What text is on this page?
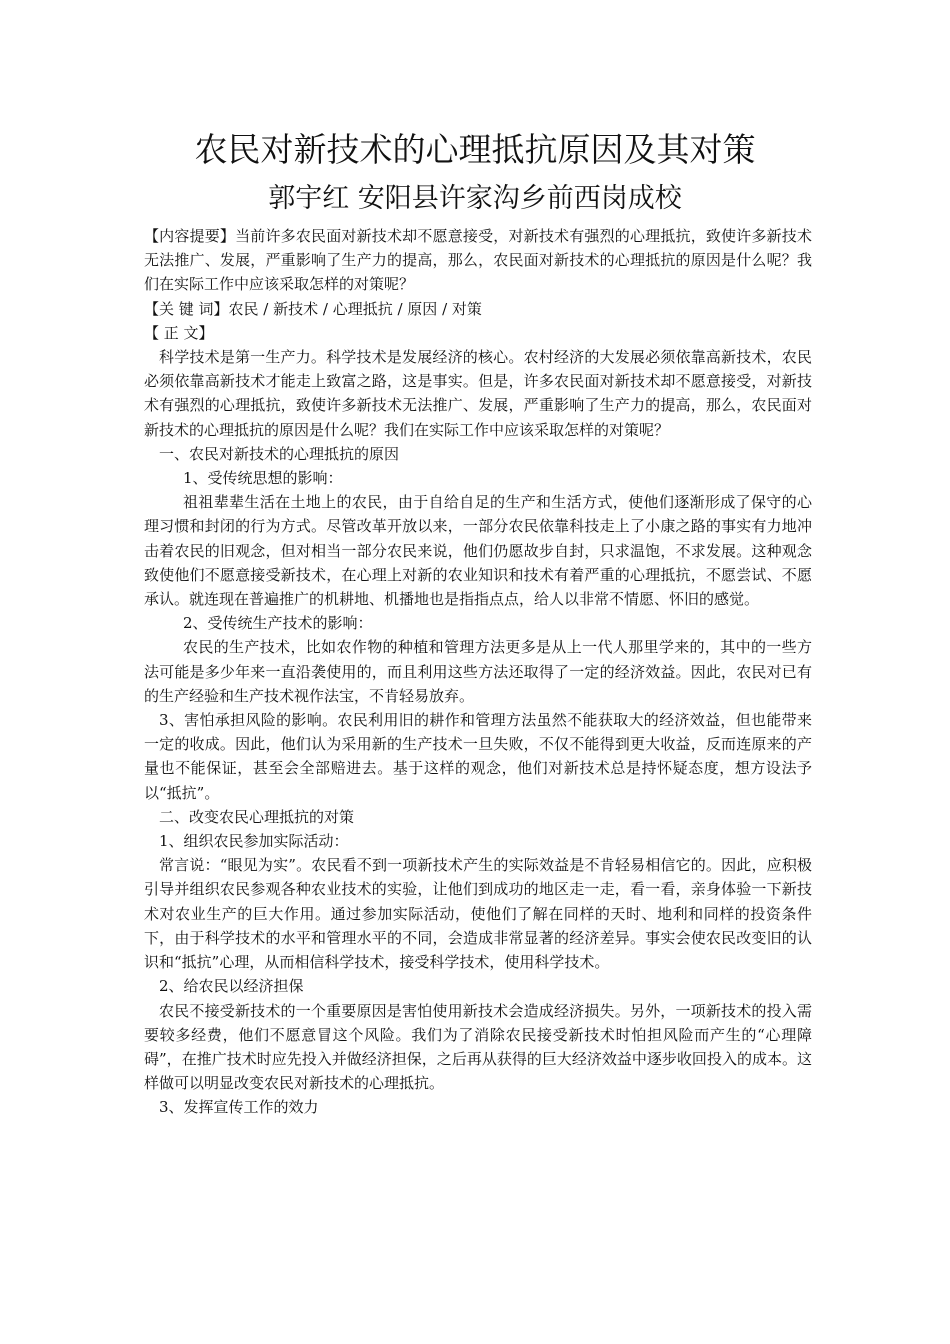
农民对新技术的心理抵抗原因及其对策
郭宇红 安阳县许家沟乡前西岗成校

【内容提要】当前许多农民面对新技术却不愿意接受，对新技术有强烈的心理抵抗，致使许多新技术无法推广、发展，严重影响了生产力的提高，那么，农民面对新技术的心理抵抗的原因是什么呢？我们在实际工作中应该采取怎样的对策呢？

【关 键 词】农民 / 新技术 / 心理抵抗 / 原因 / 对策

【 正 文】

科学技术是第一生产力。科学技术是发展经济的核心。农村经济的大发展必须依靠高新技术，农民必须依靠高新技术才能走上致富之路，这是事实。但是，许多农民面对新技术却不愿意接受，对新技术有强烈的心理抵抗，致使许多新技术无法推广、发展，严重影响了生产力的提高，那么，农民面对新技术的心理抵抗的原因是什么呢？我们在实际工作中应该采取怎样的对策呢？

一、农民对新技术的心理抵抗的原因

1、受传统思想的影响：

祖祖辈辈生活在土地上的农民，由于自给自足的生产和生活方式，使他们逐渐形成了保守的心理习惯和封闭的行为方式。尽管改革开放以来，一部分农民依靠科技走上了小康之路的事实有力地冲击着农民的旧观念，但对相当一部分农民来说，他们仍愿故步自封，只求温饱，不求发展。这种观念致使他们不愿意接受新技术，在心理上对新的农业知识和技术有着严重的心理抵抗，不愿尝试、不愿承认。就连现在普遍推广的机耕地、机播地也是指指点点，给人以非常不情愿、怀旧的感觉。

2、受传统生产技术的影响：

农民的生产技术，比如农作物的种植和管理方法更多是从上一代人那里学来的，其中的一些方法可能是多少年来一直沿袭使用的，而且利用这些方法还取得了一定的经济效益。因此，农民对已有的生产经验和生产技术视作法宝，不肯轻易放弃。

3、害怕承担风险的影响。农民利用旧的耕作和管理方法虽然不能获取大的经济效益，但也能带来一定的收成。因此，他们认为采用新的生产技术一旦失败，不仅不能得到更大收益，反而连原来的产量也不能保证，甚至会全部赔进去。基于这样的观念，他们对新技术总是持怀疑态度，想方设法予以“抵抗”。

二、改变农民心理抵抗的对策

1、组织农民参加实际活动：

常言说：“眼见为实”。农民看不到一项新技术产生的实际效益是不肯轻易相信它的。因此，应积极引导并组织农民参观各种农业技术的实验，让他们到成功的地区走一走，看一看，亲身体验一下新技术对农业生产的巨大作用。通过参加实际活动，使他们了解在同样的天时、地利和同样的投资条件下，由于科学技术的水平和管理水平的不同，会造成非常显著的经济差异。事实会使农民改变旧的认识和“抵抗”心理，从而相信科学技术，接受科学技术，使用科学技术。

2、给农民以经济担保

农民不接受新技术的一个重要原因是害怕使用新技术会造成经济损失。另外，一项新技术的投入需要较多经费，他们不愿意冒这个风险。我们为了消除农民接受新技术时怕担风险而产生的“心理障碍”，在推广技术时应先投入并做经济担保，之后再从获得的巨大经济效益中逐步收回投入的成本。这样做可以明显改变农民对新技术的心理抵抗。

3、发挥宣传工作的效力
